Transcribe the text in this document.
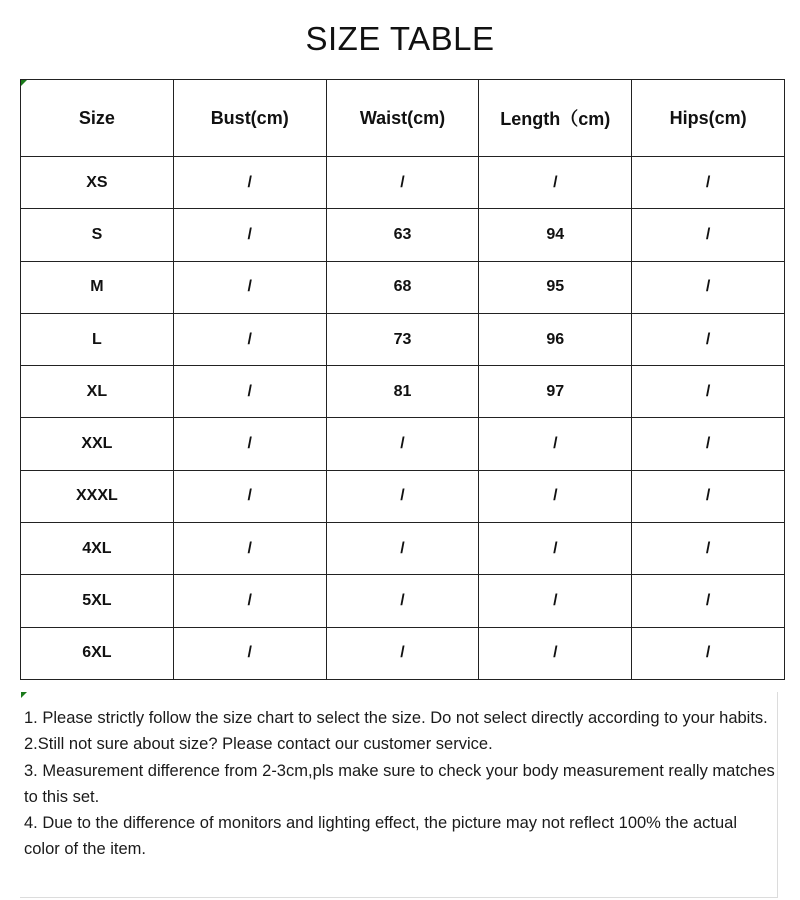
SIZE TABLE
Size	Bust(cm)	Waist(cm)	Length（cm)	Hips(cm)
XS	/	/	/	/
S	/	63	94	/
M	/	68	95	/
L	/	73	96	/
XL	/	81	97	/
XXL	/	/	/	/
XXXL	/	/	/	/
4XL	/	/	/	/
5XL	/	/	/	/
6XL	/	/	/	/

1. Please strictly follow the size chart to select the size. Do not select directly according to your habits.

2.Still not sure about size? Please contact our customer service.

3. Measurement difference from 2-3cm,pls make sure to check your body measurement really matches to this set.

4. Due to the difference of monitors and lighting effect, the picture may not reflect 100% the actual color of the item.
